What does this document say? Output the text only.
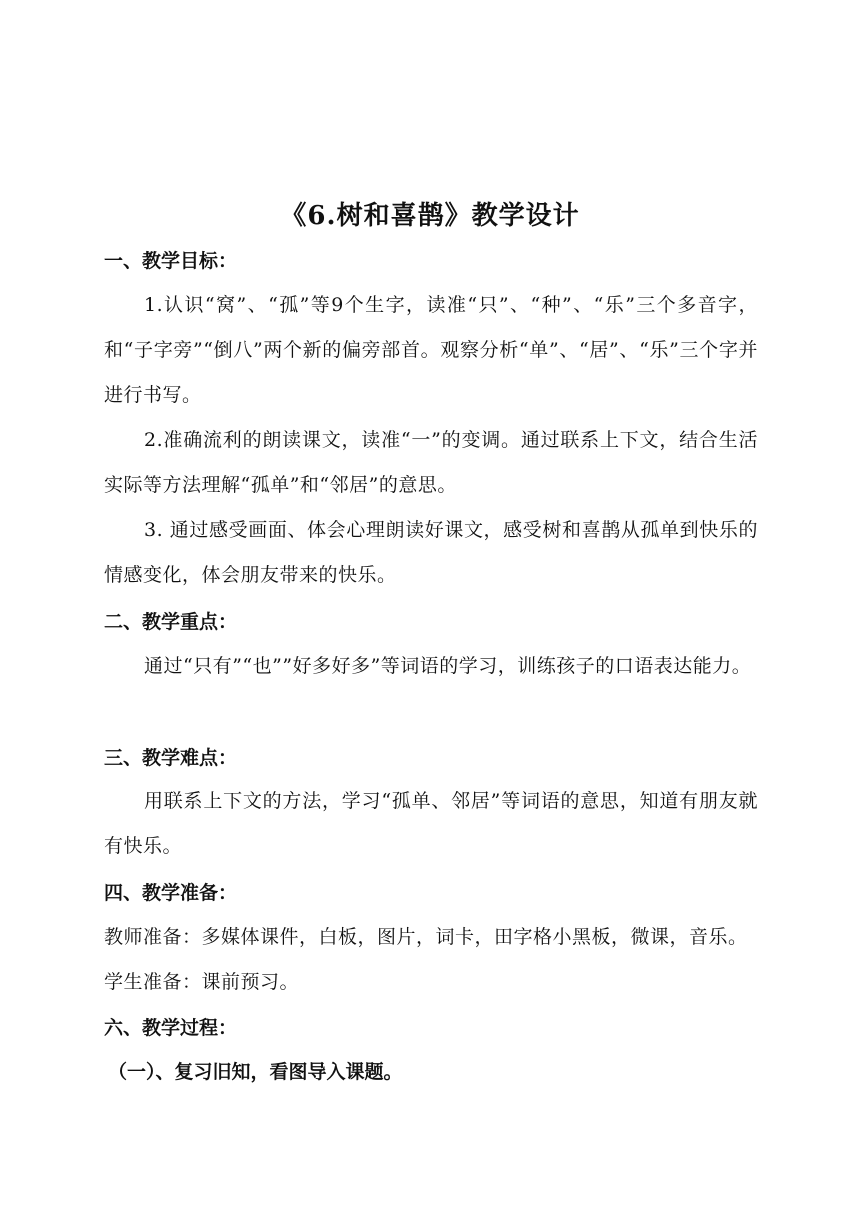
《6.树和喜鹊》教学设计
一、教学目标：
1.认识“窝”、“孤”等9个生字，读准“只”、“种”、“乐”三个多音字，和“子字旁”“倒八”两个新的偏旁部首。观察分析“单”、“居”、“乐”三个字并进行书写。
2.准确流利的朗读课文，读准“一”的变调。通过联系上下文，结合生活实际等方法理解“孤单”和“邻居”的意思。
3. 通过感受画面、体会心理朗读好课文，感受树和喜鹊从孤单到快乐的情感变化，体会朋友带来的快乐。
二、教学重点：
通过“只有”“也””好多好多”等词语的学习，训练孩子的口语表达能力。
三、教学难点：
用联系上下文的方法，学习“孤单、邻居”等词语的意思，知道有朋友就有快乐。
四、教学准备：
教师准备：多媒体课件，白板，图片，词卡，田字格小黑板，微课，音乐。
学生准备：课前预习。
六、教学过程：
（一）、复习旧知，看图导入课题。
